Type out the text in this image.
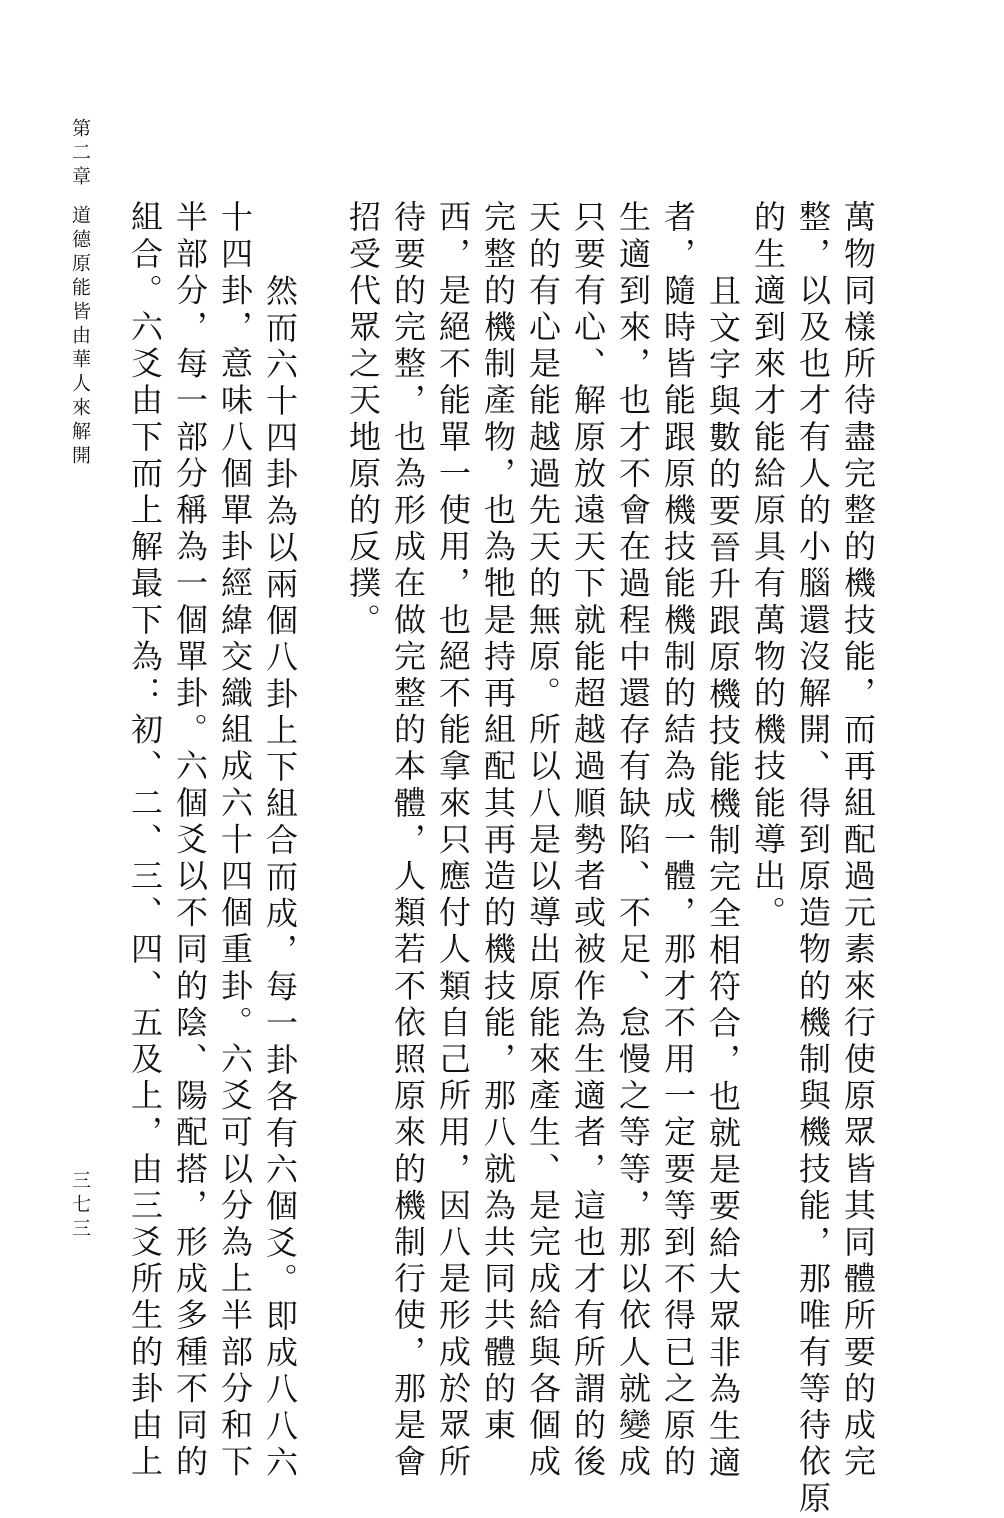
第二章
道德原能皆由華人來解開
三七三	萬物同樣所待盡完整的機技能，而再組配過元素來行使原眾皆其同體所要的成完
整，以及也才有人的小腦還沒解開、得到原造物的機制與機技能，那唯有等待依原
的生適到來才能給原具有萬物的機技能導出。
且文字與數的要晉升跟原機技能機制完全相符合，也就是要給大眾非為生適
者，隨時皆能跟原機技能機制的結為成一體，那才不用一定要等到不得已之原的
生適到來，也才不會在過程中還存有缺陷、不足、怠慢之等等，那以依人就變成
只要有心、解原放遠天下就能超越過順勢者或被作為生適者，這也才有所謂的後
天的有心是能越過先天的無原。所以八是以導出原能來產生、是完成給與各個成
完整的機制產物，也為牠是持再組配其再造的機技能，那八就為共同共體的東
西，是絕不能單一使用，也絕不能拿來只應付人類自己所用，因八是形成於眾所
待要的完整，也為形成在做完整的本體，人類若不依照原來的機制行使，那是會
招受代眾之天地原的反撲。
然而六十四卦為以兩個八卦上下組合而成，每一卦各有六個爻。即成八八六
十四卦，意味八個單卦經緯交織組成六十四個重卦。六爻可以分為上半部分和下
半部分，每一部分稱為一個單卦。六個爻以不同的陰、陽配搭，形成多種不同的
組合。六爻由下而上解最下為：初、二、三、四、五及上，由三爻所生的卦由上
